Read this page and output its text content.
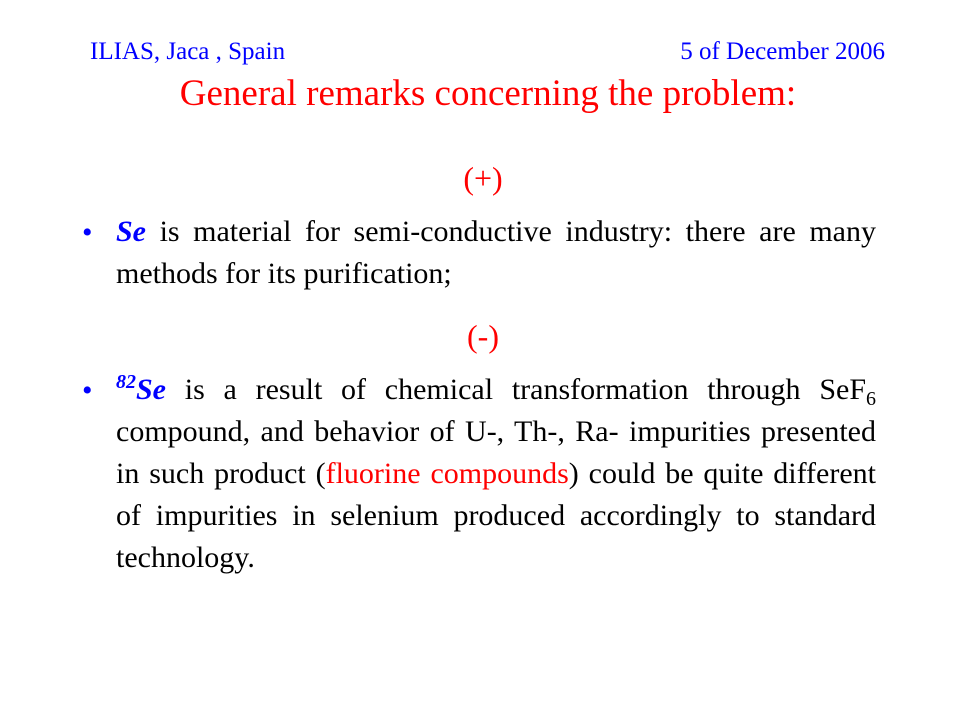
ILIAS, Jaca , Spain	5 of December 2006
General remarks concerning the problem:
(+)
• Se is material for semi-conductive industry: there are many methods for its purification;
(-)
• $^{82}$Se is a result of chemical transformation through SeF$_6$ compound, and behavior of U-, Th-, Ra- impurities presented in such product (fluorine compounds) could be quite different of impurities in selenium produced accordingly to standard technology.
